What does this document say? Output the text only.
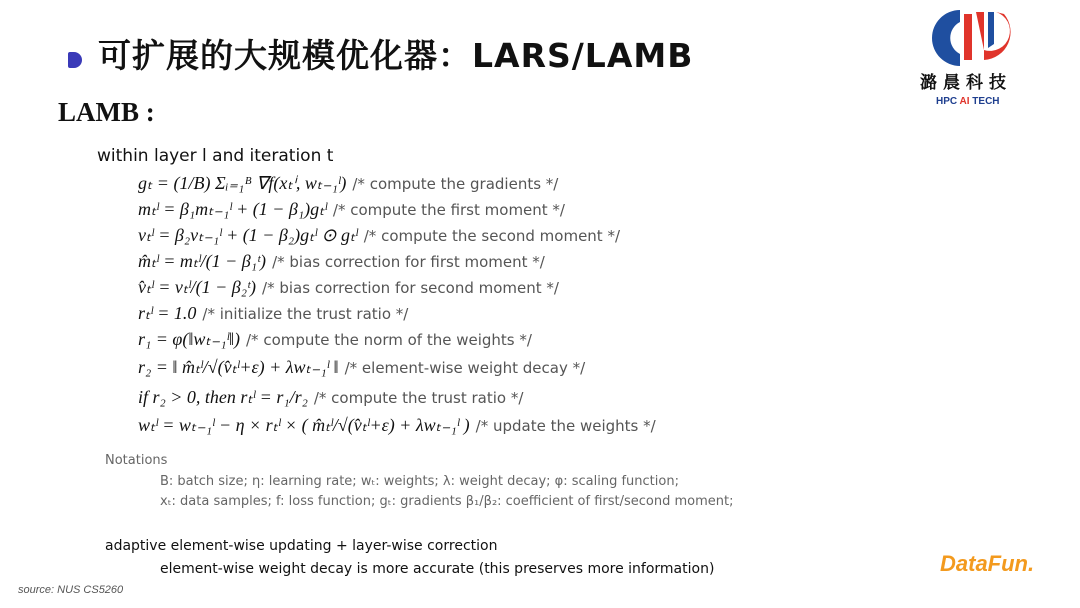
可扩展的大规模优化器：LARS/LAMB
LAMB :
潞晨科技
HPC AI TECH
within layer l and iteration t
gₜ = (1/B) Σᵢ₌₁ᴮ ∇f(xₜⁱ, wₜ₋₁ˡ) /* compute the gradients */
mₜˡ = β₁mₜ₋₁ˡ + (1 − β₁)gₜˡ /* compute the first moment */
vₜˡ = β₂vₜ₋₁ˡ + (1 − β₂)gₜˡ ⊙ gₜˡ /* compute the second moment */
m̂ₜˡ = mₜˡ/(1 − β₁ᵗ) /* bias correction for first moment */
v̂ₜˡ = vₜˡ/(1 − β₂ᵗ) /* bias correction for second moment */
rₜˡ = 1.0 /* initialize the trust ratio */
r₁ = φ(‖wₜ₋₁ˡ‖) /* compute the norm of the weights */
r₂ = ‖ m̂ₜˡ/√(v̂ₜˡ+ε) + λwₜ₋₁ˡ ‖ /* element-wise weight decay */
if r₂ > 0, then rₜˡ = r₁/r₂ /* compute the trust ratio */
wₜˡ = wₜ₋₁ˡ − η × rₜˡ × ( m̂ₜˡ/√(v̂ₜˡ+ε) + λwₜ₋₁ˡ ) /* update the weights */
Notations
B: batch size; η: learning rate; wₜ: weights; λ: weight decay; φ: scaling function;
xₜ: data samples; f: loss function; gₜ: gradients β₁/β₂: coefficient of first/second moment;
adaptive element-wise updating + layer-wise correction
element-wise weight decay is more accurate (this preserves more information)
source: NUS CS5260
DataFun.
